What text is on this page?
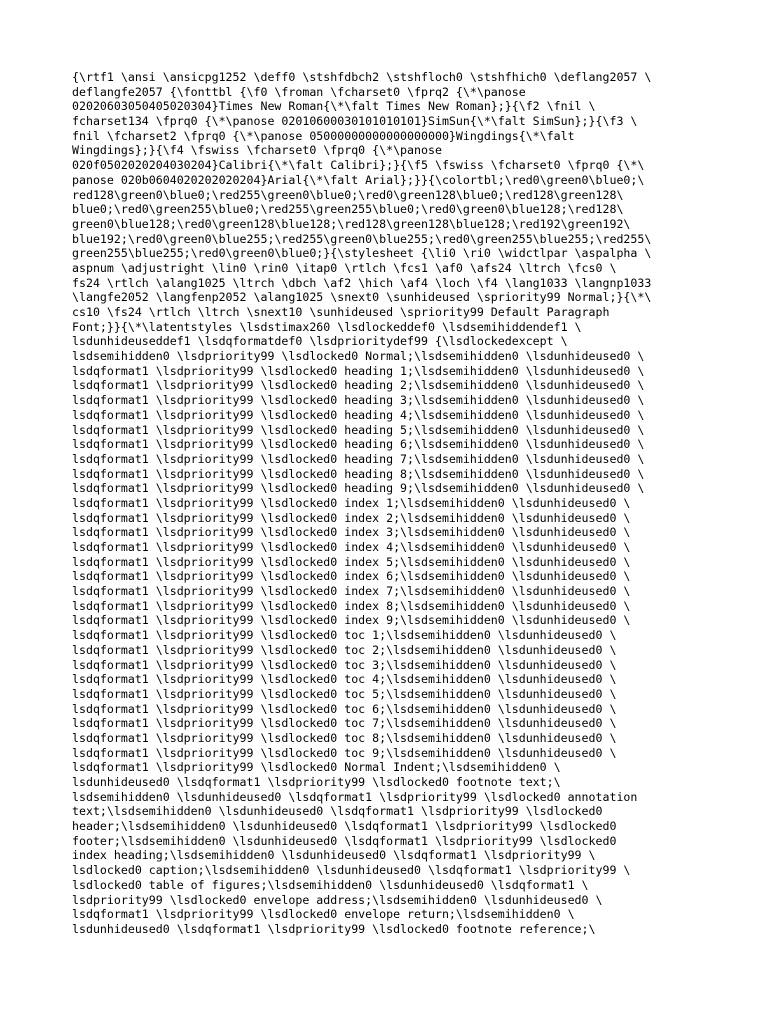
{\rtf1 \ansi \ansicpg1252 \deff0 \stshfdbch2 \stshfloch0 \stshfhich0 \deflang2057 \
deflangfe2057 {\fonttbl {\f0 \froman \fcharset0 \fprq2 {\*\panose
02020603050405020304}Times New Roman{\*\falt Times New Roman};}{\f2 \fnil \
fcharset134 \fprq0 {\*\panose 02010600030101010101}SimSun{\*\falt SimSun};}{\f3 \
fnil \fcharset2 \fprq0 {\*\panose 05000000000000000000}Wingdings{\*\falt
Wingdings};}{\f4 \fswiss \fcharset0 \fprq0 {\*\panose
020f0502020204030204}Calibri{\*\falt Calibri};}{\f5 \fswiss \fcharset0 \fprq0 {\*\
panose 020b0604020202020204}Arial{\*\falt Arial};}}{\colortbl;\red0\green0\blue0;\
red128\green0\blue0;\red255\green0\blue0;\red0\green128\blue0;\red128\green128\
blue0;\red0\green255\blue0;\red255\green255\blue0;\red0\green0\blue128;\red128\
green0\blue128;\red0\green128\blue128;\red128\green128\blue128;\red192\green192\
blue192;\red0\green0\blue255;\red255\green0\blue255;\red0\green255\blue255;\red255\
green255\blue255;\red0\green0\blue0;}{\stylesheet {\li0 \ri0 \widctlpar \aspalpha \
aspnum \adjustright \lin0 \rin0 \itap0 \rtlch \fcs1 \af0 \afs24 \ltrch \fcs0 \
fs24 \rtlch \alang1025 \ltrch \dbch \af2 \hich \af4 \loch \f4 \lang1033 \langnp1033
\langfe2052 \langfenp2052 \alang1025 \snext0 \sunhideused \spriority99 Normal;}{\*\
cs10 \fs24 \rtlch \ltrch \snext10 \sunhideused \spriority99 Default Paragraph
Font;}}{\*\latentstyles \lsdstimax260 \lsdlockeddef0 \lsdsemihiddendef1 \
lsdunhideuseddef1 \lsdqformatdef0 \lsdprioritydef99 {\lsdlockedexcept \
lsdsemihidden0 \lsdpriority99 \lsdlocked0 Normal;\lsdsemihidden0 \lsdunhideused0 \
lsdqformat1 \lsdpriority99 \lsdlocked0 heading 1;\lsdsemihidden0 \lsdunhideused0 \
lsdqformat1 \lsdpriority99 \lsdlocked0 heading 2;\lsdsemihidden0 \lsdunhideused0 \
lsdqformat1 \lsdpriority99 \lsdlocked0 heading 3;\lsdsemihidden0 \lsdunhideused0 \
lsdqformat1 \lsdpriority99 \lsdlocked0 heading 4;\lsdsemihidden0 \lsdunhideused0 \
lsdqformat1 \lsdpriority99 \lsdlocked0 heading 5;\lsdsemihidden0 \lsdunhideused0 \
lsdqformat1 \lsdpriority99 \lsdlocked0 heading 6;\lsdsemihidden0 \lsdunhideused0 \
lsdqformat1 \lsdpriority99 \lsdlocked0 heading 7;\lsdsemihidden0 \lsdunhideused0 \
lsdqformat1 \lsdpriority99 \lsdlocked0 heading 8;\lsdsemihidden0 \lsdunhideused0 \
lsdqformat1 \lsdpriority99 \lsdlocked0 heading 9;\lsdsemihidden0 \lsdunhideused0 \
lsdqformat1 \lsdpriority99 \lsdlocked0 index 1;\lsdsemihidden0 \lsdunhideused0 \
lsdqformat1 \lsdpriority99 \lsdlocked0 index 2;\lsdsemihidden0 \lsdunhideused0 \
lsdqformat1 \lsdpriority99 \lsdlocked0 index 3;\lsdsemihidden0 \lsdunhideused0 \
lsdqformat1 \lsdpriority99 \lsdlocked0 index 4;\lsdsemihidden0 \lsdunhideused0 \
lsdqformat1 \lsdpriority99 \lsdlocked0 index 5;\lsdsemihidden0 \lsdunhideused0 \
lsdqformat1 \lsdpriority99 \lsdlocked0 index 6;\lsdsemihidden0 \lsdunhideused0 \
lsdqformat1 \lsdpriority99 \lsdlocked0 index 7;\lsdsemihidden0 \lsdunhideused0 \
lsdqformat1 \lsdpriority99 \lsdlocked0 index 8;\lsdsemihidden0 \lsdunhideused0 \
lsdqformat1 \lsdpriority99 \lsdlocked0 index 9;\lsdsemihidden0 \lsdunhideused0 \
lsdqformat1 \lsdpriority99 \lsdlocked0 toc 1;\lsdsemihidden0 \lsdunhideused0 \
lsdqformat1 \lsdpriority99 \lsdlocked0 toc 2;\lsdsemihidden0 \lsdunhideused0 \
lsdqformat1 \lsdpriority99 \lsdlocked0 toc 3;\lsdsemihidden0 \lsdunhideused0 \
lsdqformat1 \lsdpriority99 \lsdlocked0 toc 4;\lsdsemihidden0 \lsdunhideused0 \
lsdqformat1 \lsdpriority99 \lsdlocked0 toc 5;\lsdsemihidden0 \lsdunhideused0 \
lsdqformat1 \lsdpriority99 \lsdlocked0 toc 6;\lsdsemihidden0 \lsdunhideused0 \
lsdqformat1 \lsdpriority99 \lsdlocked0 toc 7;\lsdsemihidden0 \lsdunhideused0 \
lsdqformat1 \lsdpriority99 \lsdlocked0 toc 8;\lsdsemihidden0 \lsdunhideused0 \
lsdqformat1 \lsdpriority99 \lsdlocked0 toc 9;\lsdsemihidden0 \lsdunhideused0 \
lsdqformat1 \lsdpriority99 \lsdlocked0 Normal Indent;\lsdsemihidden0 \
lsdunhideused0 \lsdqformat1 \lsdpriority99 \lsdlocked0 footnote text;\
lsdsemihidden0 \lsdunhideused0 \lsdqformat1 \lsdpriority99 \lsdlocked0 annotation
text;\lsdsemihidden0 \lsdunhideused0 \lsdqformat1 \lsdpriority99 \lsdlocked0
header;\lsdsemihidden0 \lsdunhideused0 \lsdqformat1 \lsdpriority99 \lsdlocked0
footer;\lsdsemihidden0 \lsdunhideused0 \lsdqformat1 \lsdpriority99 \lsdlocked0
index heading;\lsdsemihidden0 \lsdunhideused0 \lsdqformat1 \lsdpriority99 \
lsdlocked0 caption;\lsdsemihidden0 \lsdunhideused0 \lsdqformat1 \lsdpriority99 \
lsdlocked0 table of figures;\lsdsemihidden0 \lsdunhideused0 \lsdqformat1 \
lsdpriority99 \lsdlocked0 envelope address;\lsdsemihidden0 \lsdunhideused0 \
lsdqformat1 \lsdpriority99 \lsdlocked0 envelope return;\lsdsemihidden0 \
lsdunhideused0 \lsdqformat1 \lsdpriority99 \lsdlocked0 footnote reference;\
